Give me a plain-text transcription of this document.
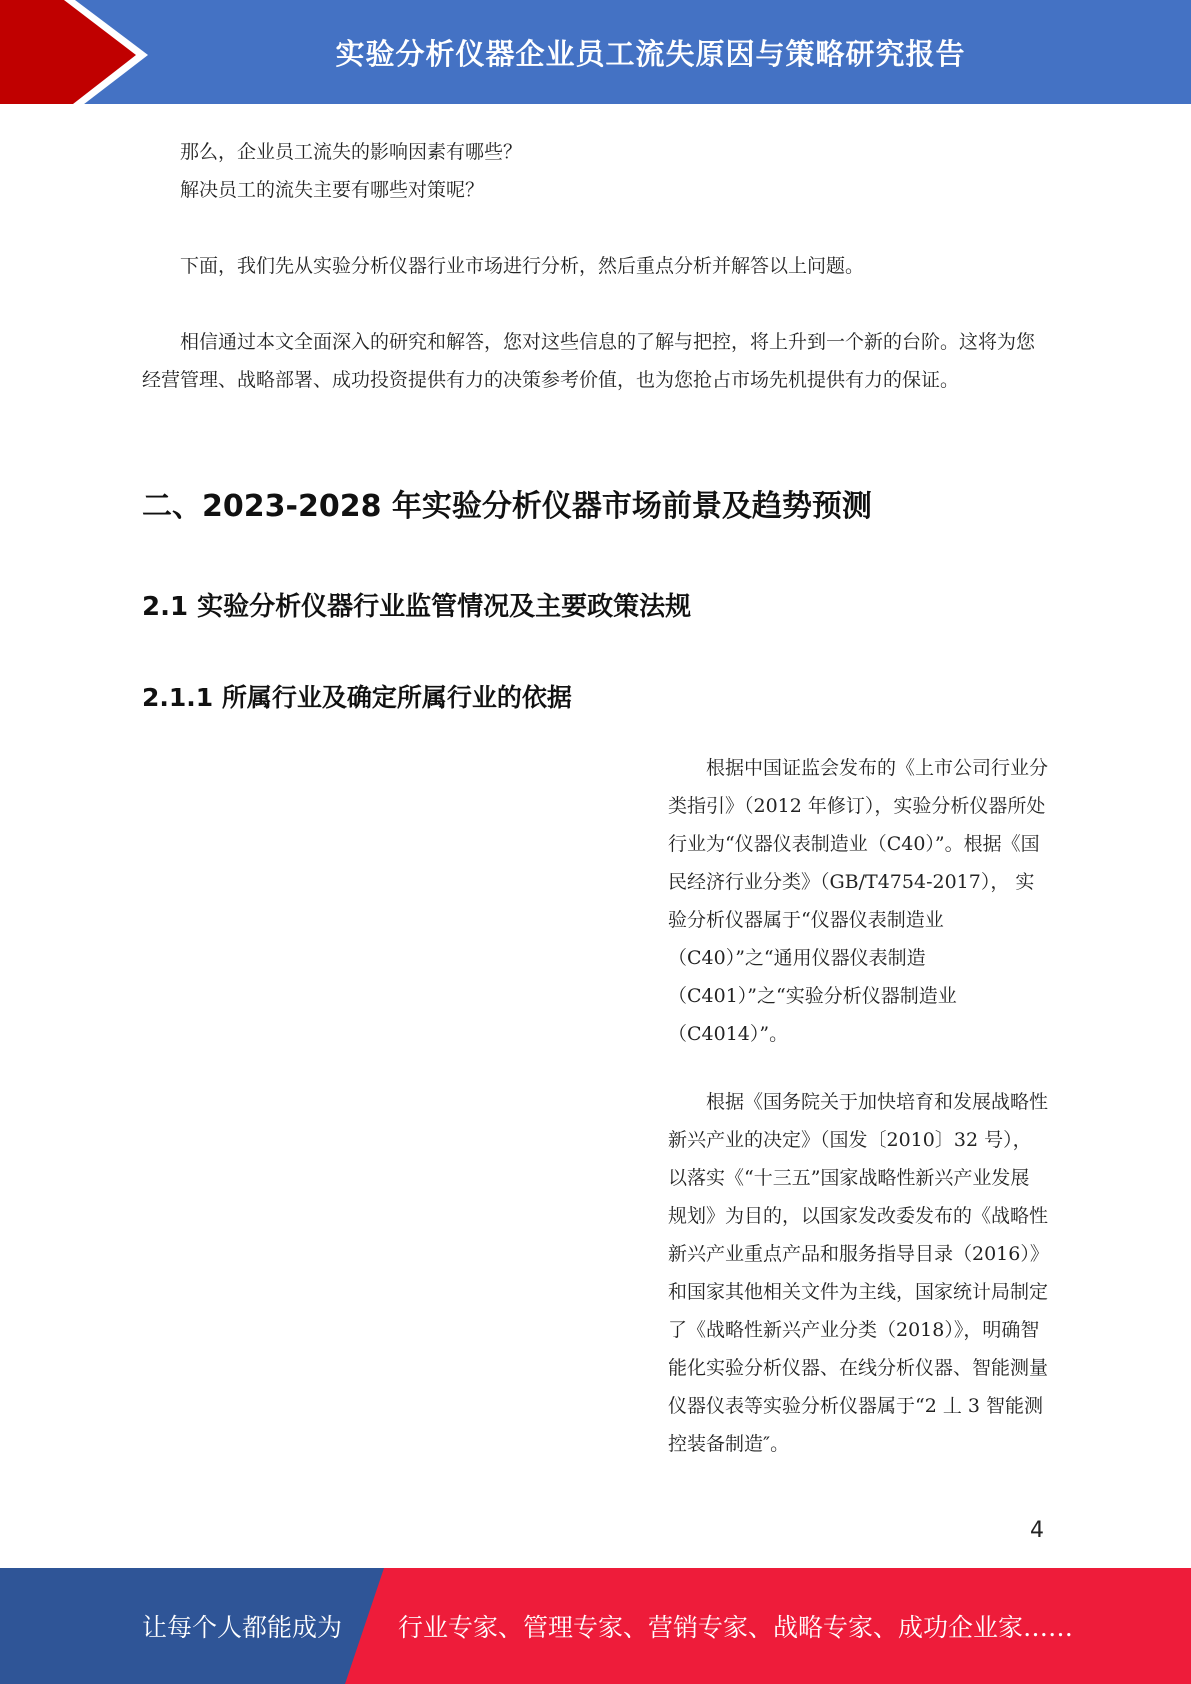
实验分析仪器企业员工流失原因与策略研究报告

那么，企业员工流失的影响因素有哪些？

解决员工的流失主要有哪些对策呢？

下面，我们先从实验分析仪器行业市场进行分析，然后重点分析并解答以上问题。

相信通过本文全面深入的研究和解答，您对这些信息的了解与把控，将上升到一个新的台阶。这将为您经营管理、战略部署、成功投资提供有力的决策参考价值，也为您抢占市场先机提供有力的保证。

二、2023-2028 年实验分析仪器市场前景及趋势预测
2.1 实验分析仪器行业监管情况及主要政策法规
2.1.1 所属行业及确定所属行业的依据

根据中国证监会发布的《上市公司行业分类指引》（2012 年修订），实验分析仪器所处行业为“仪器仪表制造业（C40）”。根据《国民经济行业分类》（GB/T4754-2017）， 实验分析仪器属于“仪器仪表制造业（C40）”之“通用仪器仪表制造（C401）”之“实验分析仪器制造业（C4014）”。

根据《国务院关于加快培育和发展战略性新兴产业的决定》（国发〔2010〕32 号），以落实《“十三五”国家战略性新兴产业发展规划》为目的，以国家发改委发布的《战略性新兴产业重点产品和服务指导目录（2016）》和国家其他相关文件为主线，国家统计局制定了《战略性新兴产业分类（2018）》，明确智能化实验分析仪器、在线分析仪器、智能测量仪器仪表等实验分析仪器属于“2 丄 3 智能测控装备制造″。

4
让每个人都能成为 行业专家、管理专家、营销专家、战略专家、成功企业家……
